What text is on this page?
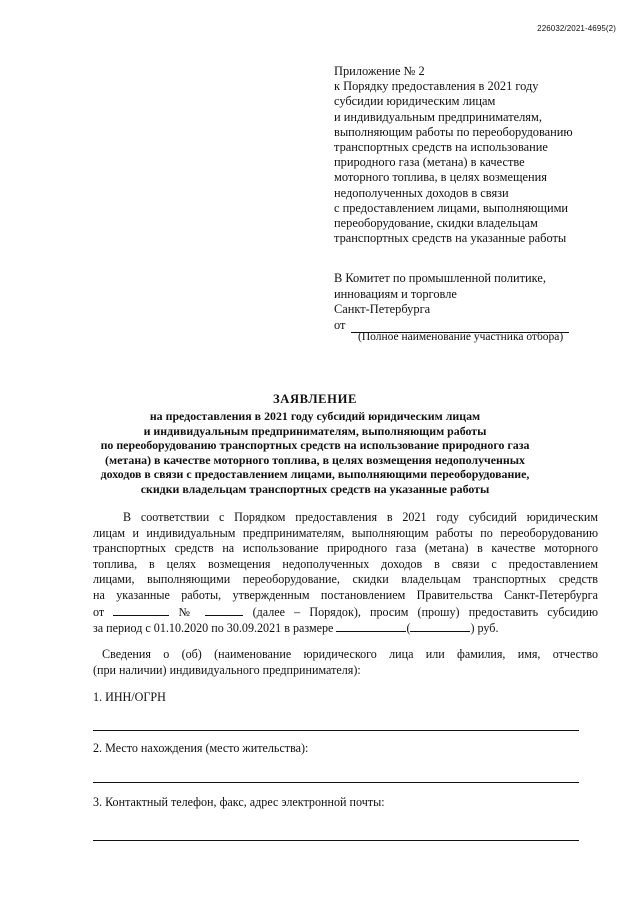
226032/2021-4695(2)
Приложение № 2
к Порядку предоставления в 2021 году
субсидии юридическим лицам
и индивидуальным предпринимателям,
выполняющим работы по переоборудованию
транспортных средств на использование
природного газа (метана) в качестве
моторного топлива, в целях возмещения
недополученных доходов в связи
с предоставлением лицами, выполняющими
переоборудование, скидки владельцам
транспортных средств на указанные работы
В Комитет по промышленной политике,
инновациям и торговле
Санкт-Петербурга
от
(Полное наименование участника отбора)
ЗАЯВЛЕНИЕ
на предоставления в 2021 году субсидий юридическим лицам
и индивидуальным предпринимателям, выполняющим работы
по переоборудованию транспортных средств на использование природного газа
(метана) в качестве моторного топлива, в целях возмещения недополученных
доходов в связи с предоставлением лицами, выполняющими переоборудование,
скидки владельцам транспортных средств на указанные работы
В соответствии с Порядком предоставления в 2021 году субсидий юридическим
лицам и индивидуальным предпринимателям, выполняющим работы по переоборудованию
транспортных средств на использование природного газа (метана) в качестве моторного
топлива, в целях возмещения недополученных доходов в связи с предоставлением
лицами, выполняющими переоборудование, скидки владельцам транспортных средств
на указанные работы, утвержденным постановлением Правительства Санкт-Петербурга
от	№	(далее – Порядок), просим (прошу) предоставить субсидию
за период с 01.10.2020 по 30.09.2021 в размере	(	) руб.
Сведения о (об) (наименование юридического лица или фамилия, имя, отчество
(при наличии) индивидуального предпринимателя):
1. ИНН/ОГРН
2. Место нахождения (место жительства):
3. Контактный телефон, факс, адрес электронной почты:
